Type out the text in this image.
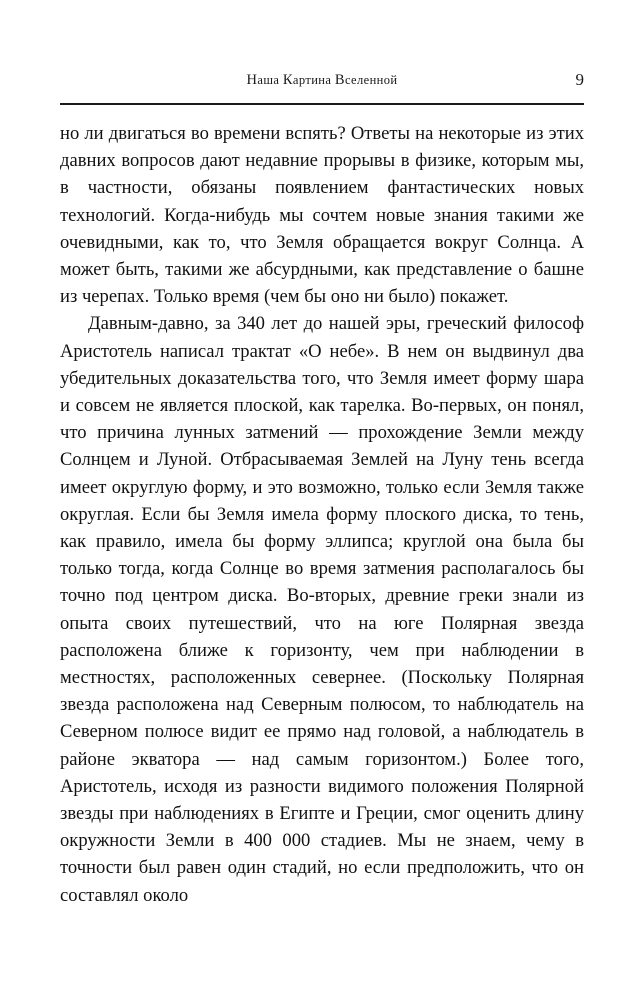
Наша Картина Вселенной	9

но ли двигаться во времени вспять? Ответы на некоторые из этих давних вопросов дают недавние прорывы в физике, которым мы, в частности, обязаны появлением фантастических новых технологий. Когда-нибудь мы сочтем новые знания такими же очевидными, как то, что Земля обращается вокруг Солнца. А может быть, такими же абсурдными, как представление о башне из черепах. Только время (чем бы оно ни было) покажет.

Давным-давно, за 340 лет до нашей эры, греческий философ Аристотель написал трактат «О небе». В нем он выдвинул два убедительных доказательства того, что Земля имеет форму шара и совсем не является плоской, как тарелка. Во-первых, он понял, что причина лунных затмений — прохождение Земли между Солнцем и Луной. Отбрасываемая Землей на Луну тень всегда имеет округлую форму, и это возможно, только если Земля также округлая. Если бы Земля имела форму плоского диска, то тень, как правило, имела бы форму эллипса; круглой она была бы только тогда, когда Солнце во время затмения располагалось бы точно под центром диска. Во-вторых, древние греки знали из опыта своих путешествий, что на юге Полярная звезда расположена ближе к горизонту, чем при наблюдении в местностях, расположенных севернее. (Поскольку Полярная звезда расположена над Северным полюсом, то наблюдатель на Северном полюсе видит ее прямо над головой, а наблюдатель в районе экватора — над самым горизонтом.) Более того, Аристотель, исходя из разности видимого положения Полярной звезды при наблюдениях в Египте и Греции, смог оценить длину окружности Земли в 400 000 стадиев. Мы не знаем, чему в точности был равен один стадий, но если предположить, что он составлял около
